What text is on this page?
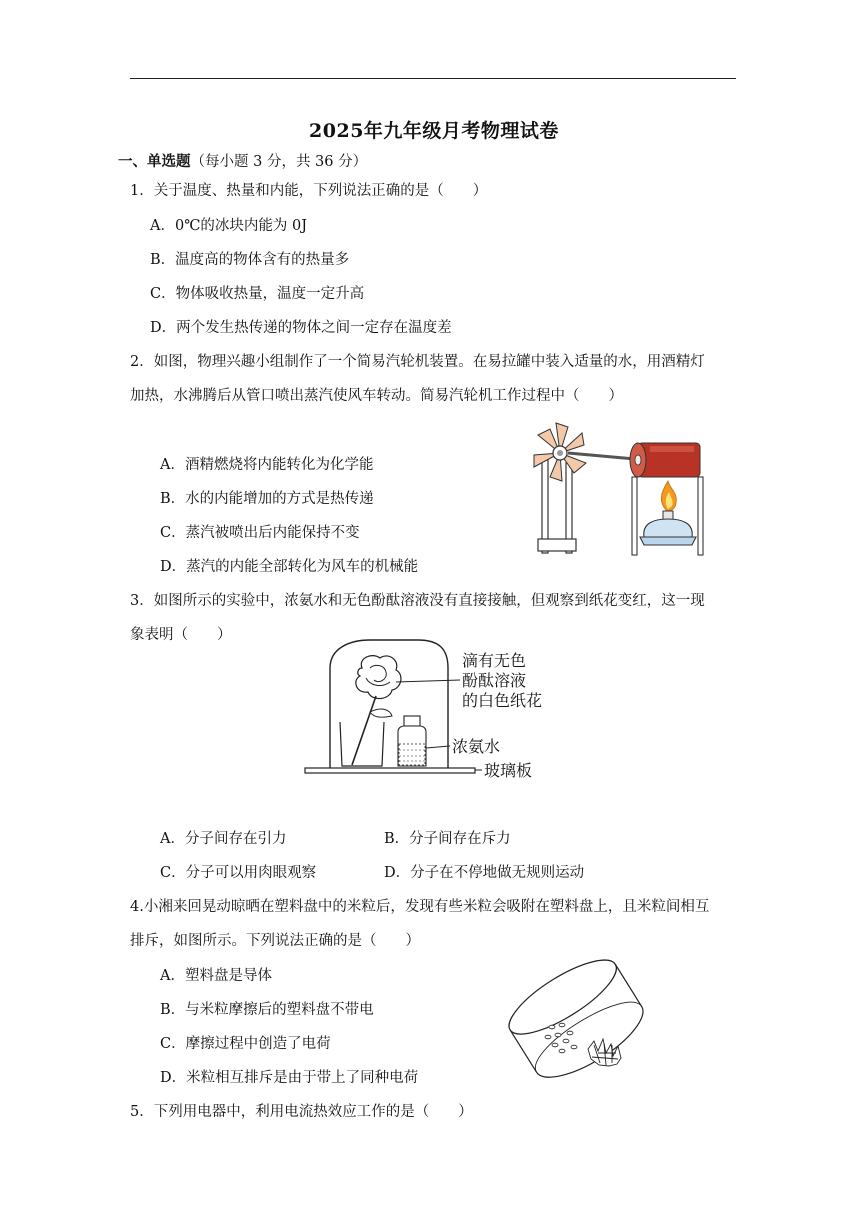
2025年九年级月考物理试卷
一、单选题（每小题 3 分，共 36 分）
1．关于温度、热量和内能，下列说法正确的是（　　）
A．0℃的冰块内能为 0J
B．温度高的物体含有的热量多
C．物体吸收热量，温度一定升高
D．两个发生热传递的物体之间一定存在温度差
2．如图，物理兴趣小组制作了一个简易汽轮机装置。在易拉罐中装入适量的水，用酒精灯
加热，水沸腾后从管口喷出蒸汽使风车转动。简易汽轮机工作过程中（　　）
A．酒精燃烧将内能转化为化学能
B．水的内能增加的方式是热传递
C．蒸汽被喷出后内能保持不变
D．蒸汽的内能全部转化为风车的机械能
3．如图所示的实验中，浓氨水和无色酚酞溶液没有直接接触，但观察到纸花变红，这一现
象表明（　　）
滴有无色
酚酞溶液
的白色纸花
浓氨水
玻璃板
A．分子间存在引力	B．分子间存在斥力
C．分子可以用肉眼观察	D．分子在不停地做无规则运动
4.小湘来回晃动晾晒在塑料盘中的米粒后，发现有些米粒会吸附在塑料盘上，且米粒间相互
排斥，如图所示。下列说法正确的是（　　）
A．塑料盘是导体
B．与米粒摩擦后的塑料盘不带电
C．摩擦过程中创造了电荷
D．米粒相互排斥是由于带上了同种电荷
5．下列用电器中，利用电流热效应工作的是（　　）
